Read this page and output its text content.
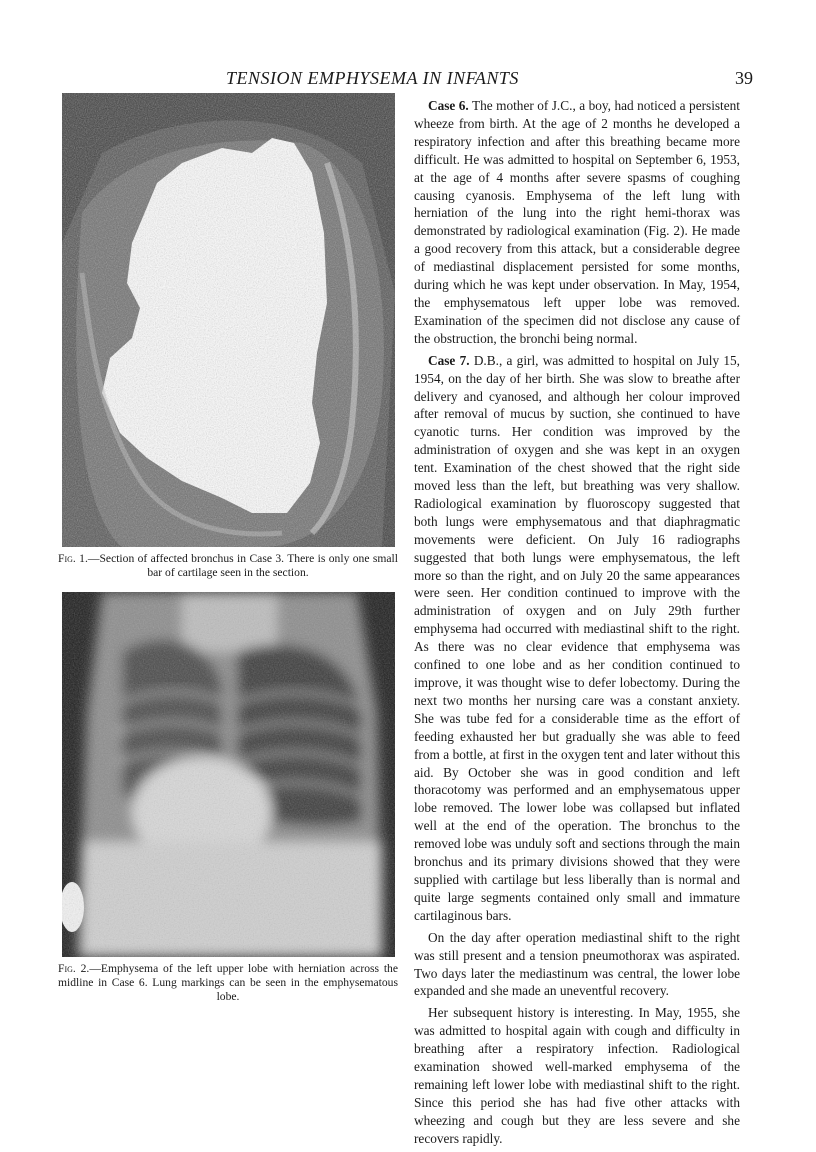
TENSION EMPHYSEMA IN INFANTS	39
Fig. 1.—Section of affected bronchus in Case 3. There is only one small bar of cartilage seen in the section.
Fig. 2.—Emphysema of the left upper lobe with herniation across the midline in Case 6. Lung markings can be seen in the emphysematous lobe.

Case 6. The mother of J.C., a boy, had noticed a persistent wheeze from birth. At the age of 2 months he developed a respiratory infection and after this breathing became more difficult. He was admitted to hospital on September 6, 1953, at the age of 4 months after severe spasms of coughing causing cyanosis. Emphysema of the left lung with herniation of the lung into the right hemi-thorax was demonstrated by radiological examination (Fig. 2). He made a good recovery from this attack, but a considerable degree of mediastinal displacement persisted for some months, during which he was kept under observation. In May, 1954, the emphysematous left upper lobe was removed. Examination of the specimen did not disclose any cause of the obstruction, the bronchi being normal.

Case 7. D.B., a girl, was admitted to hospital on July 15, 1954, on the day of her birth. She was slow to breathe after delivery and cyanosed, and although her colour improved after removal of mucus by suction, she continued to have cyanotic turns. Her condition was improved by the administration of oxygen and she was kept in an oxygen tent. Examination of the chest showed that the right side moved less than the left, but breathing was very shallow. Radiological examination by fluoroscopy suggested that both lungs were emphysematous and that diaphragmatic movements were deficient. On July 16 radiographs suggested that both lungs were emphysematous, the left more so than the right, and on July 20 the same appearances were seen. Her condition continued to improve with the administration of oxygen and on July 29th further emphysema had occurred with mediastinal shift to the right. As there was no clear evidence that emphysema was confined to one lobe and as her condition continued to improve, it was thought wise to defer lobectomy. During the next two months her nursing care was a constant anxiety. She was tube fed for a considerable time as the effort of feeding exhausted her but gradually she was able to feed from a bottle, at first in the oxygen tent and later without this aid. By October she was in good condition and left thoracotomy was performed and an emphysematous upper lobe removed. The lower lobe was collapsed but inflated well at the end of the operation. The bronchus to the removed lobe was unduly soft and sections through the main bronchus and its primary divisions showed that they were supplied with cartilage but less liberally than is normal and quite large segments contained only small and immature cartilaginous bars.

On the day after operation mediastinal shift to the right was still present and a tension pneumothorax was aspirated. Two days later the mediastinum was central, the lower lobe expanded and she made an uneventful recovery.

Her subsequent history is interesting. In May, 1955, she was admitted to hospital again with cough and difficulty in breathing after a respiratory infection. Radiological examination showed well-marked emphysema of the remaining left lower lobe with mediastinal shift to the right. Since this period she has had five other attacks with wheezing and cough but they are less severe and she recovers rapidly.
